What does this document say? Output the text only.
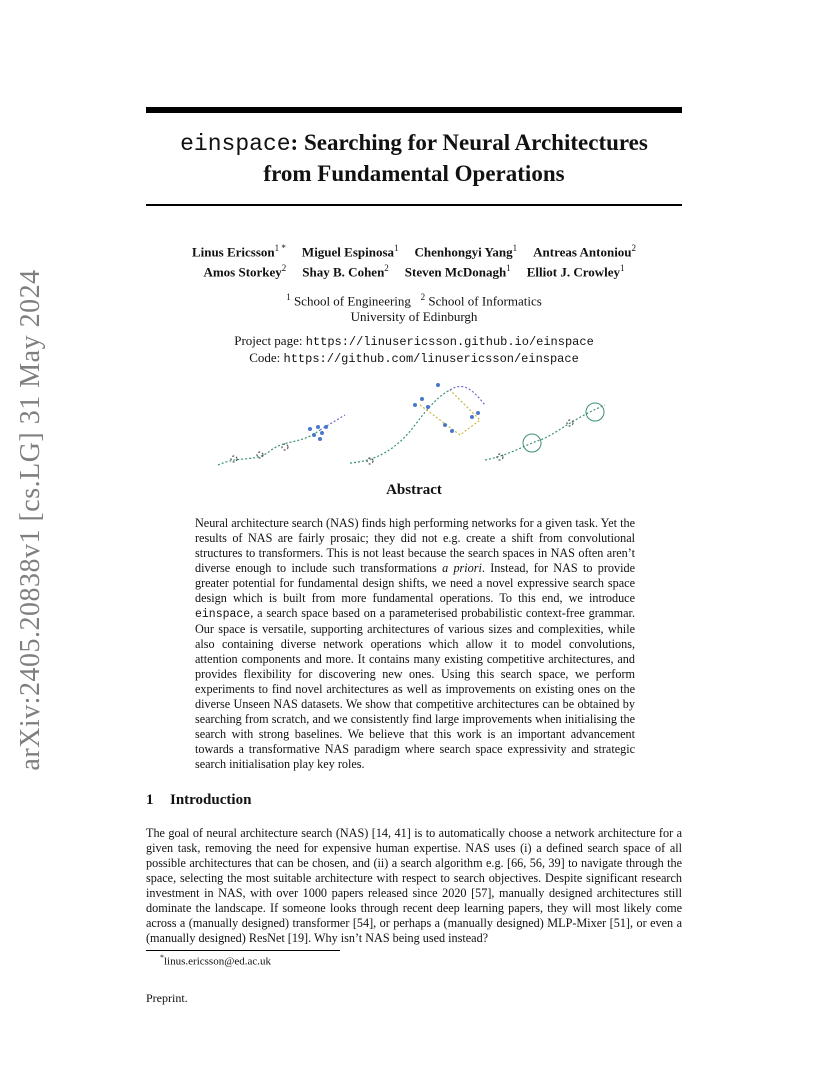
arXiv:2405.20838v1 [cs.LG] 31 May 2024
einspace: Searching for Neural Architectures
from Fundamental Operations
Linus Ericsson$^{1 *}$ Miguel Espinosa$^1$ Chenhongyi Yang$^1$ Antreas Antoniou$^2$
Amos Storkey$^2$ Shay B. Cohen$^2$ Steven McDonagh$^1$ Elliot J. Crowley$^1$
$^1$ School of Engineering $^2$ School of Informatics
University of Edinburgh
Project page: https://linusericsson.github.io/einspace
Code: https://github.com/linusericsson/einspace
Abstract
Neural architecture search (NAS) finds high performing networks for a given task. Yet the results of NAS are fairly prosaic; they did not e.g. create a shift from convolutional structures to transformers. This is not least because the search spaces in NAS often aren’t diverse enough to include such transformations a priori. Instead, for NAS to provide greater potential for fundamental design shifts, we need a novel expressive search space design which is built from more fundamental operations. To this end, we introduce einspace, a search space based on a parameterised probabilistic context-free grammar. Our space is versatile, supporting architectures of various sizes and complexities, while also containing diverse network operations which allow it to model convolutions, attention components and more. It contains many existing competitive architectures, and provides flexibility for discovering new ones. Using this search space, we perform experiments to find novel architectures as well as improvements on existing ones on the diverse Unseen NAS datasets. We show that competitive architectures can be obtained by searching from scratch, and we consistently find large improvements when initialising the search with strong baselines. We believe that this work is an important advancement towards a transformative NAS paradigm where search space expressivity and strategic search initialisation play key roles.
1 Introduction
The goal of neural architecture search (NAS) [14, 41] is to automatically choose a network architecture for a given task, removing the need for expensive human expertise. NAS uses (i) a defined search space of all possible architectures that can be chosen, and (ii) a search algorithm e.g. [66, 56, 39] to navigate through the space, selecting the most suitable architecture with respect to search objectives. Despite significant research investment in NAS, with over 1000 papers released since 2020 [57], manually designed architectures still dominate the landscape. If someone looks through recent deep learning papers, they will most likely come across a (manually designed) transformer [54], or perhaps a (manually designed) MLP-Mixer [51], or even a (manually designed) ResNet [19]. Why isn’t NAS being used instead?
*linus.ericsson@ed.ac.uk
Preprint.
